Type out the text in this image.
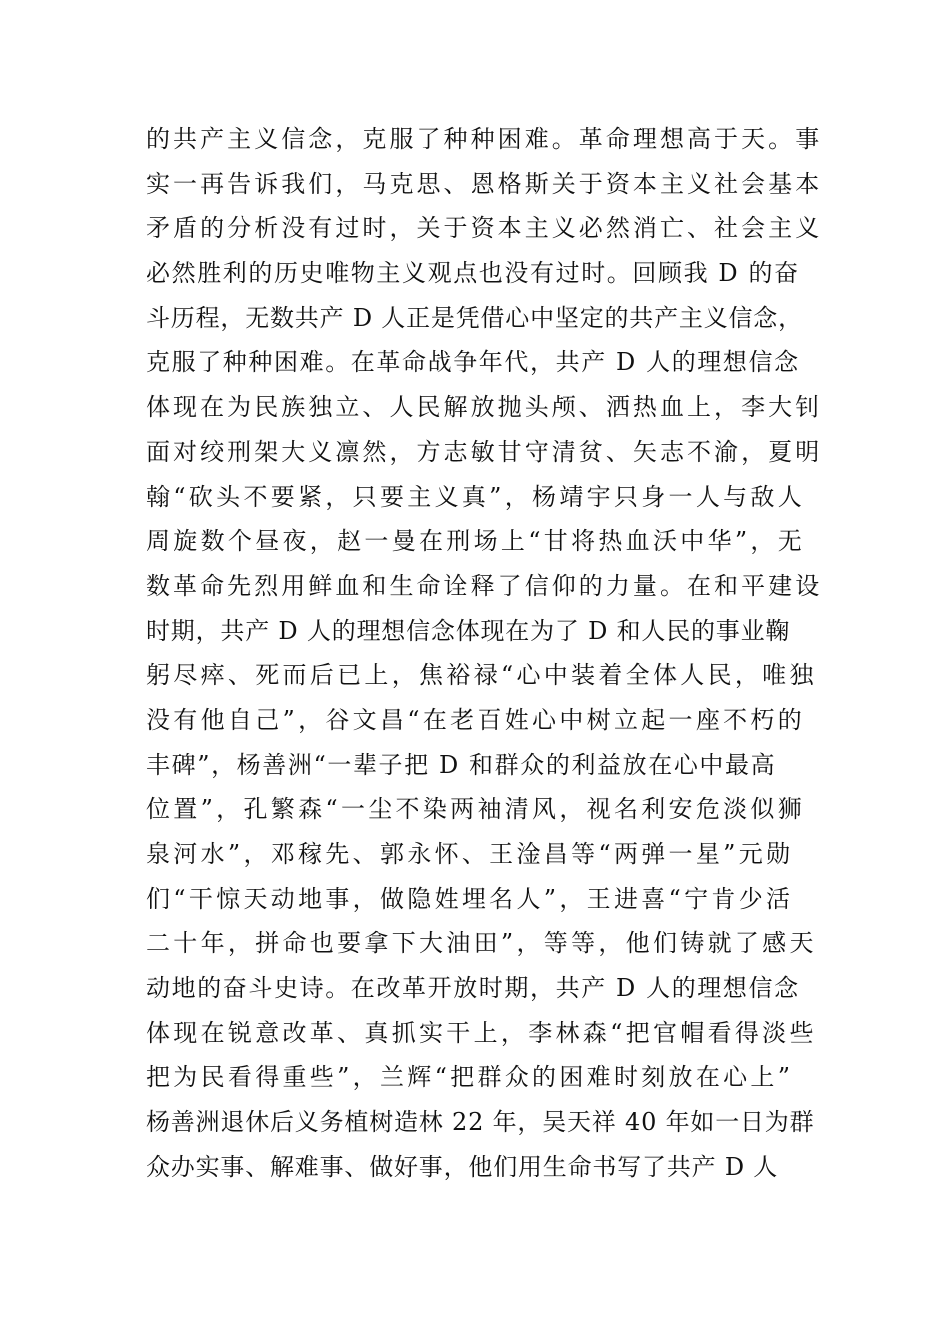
的共产主义信念，克服了种种困难。革命理想高于天。事
实一再告诉我们，马克思、恩格斯关于资本主义社会基本
矛盾的分析没有过时，关于资本主义必然消亡、社会主义
必然胜利的历史唯物主义观点也没有过时。回顾我 D 的奋
斗历程，无数共产 D 人正是凭借心中坚定的共产主义信念，
克服了种种困难。在革命战争年代，共产 D 人的理想信念
体现在为民族独立、人民解放抛头颅、洒热血上，李大钊
面对绞刑架大义凛然，方志敏甘守清贫、矢志不渝，夏明
翰“砍头不要紧，只要主义真”，杨靖宇只身一人与敌人
周旋数个昼夜，赵一曼在刑场上“甘将热血沃中华”，无
数革命先烈用鲜血和生命诠释了信仰的力量。在和平建设
时期，共产 D 人的理想信念体现在为了 D 和人民的事业鞠
躬尽瘁、死而后已上，焦裕禄“心中装着全体人民，唯独
没有他自己”，谷文昌“在老百姓心中树立起一座不朽的
丰碑”，杨善洲“一辈子把 D 和群众的利益放在心中最高
位置”，孔繁森“一尘不染两袖清风，视名利安危淡似狮
泉河水”，邓稼先、郭永怀、王淦昌等“两弹一星”元勋
们“干惊天动地事，做隐姓埋名人”，王进喜“宁肯少活
二十年，拼命也要拿下大油田”，等等，他们铸就了感天
动地的奋斗史诗。在改革开放时期，共产 D 人的理想信念
体现在锐意改革、真抓实干上，李林森“把官帽看得淡些
把为民看得重些”，兰辉“把群众的困难时刻放在心上”
杨善洲退休后义务植树造林 22 年，吴天祥 40 年如一日为群
众办实事、解难事、做好事，他们用生命书写了共产 D 人
